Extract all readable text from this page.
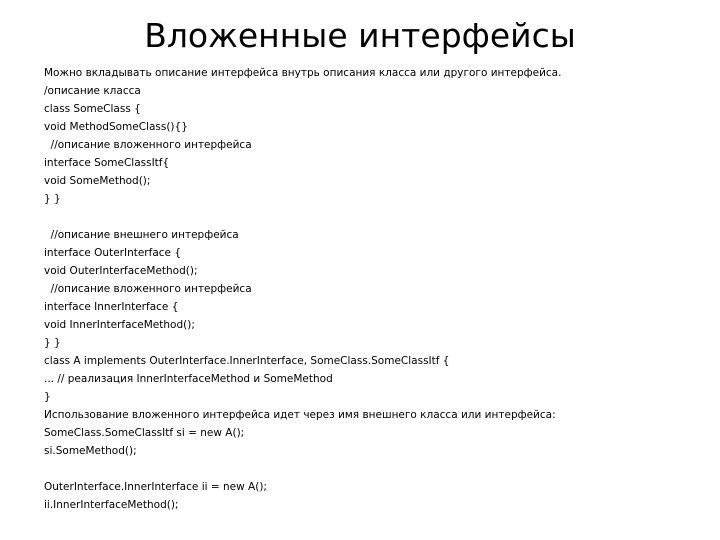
Вложенные интерфейсы
Можно вкладывать описание интерфейса внутрь описания класса или другого интерфейса.
/описание класса
class SomeClass {
void MethodSomeClass(){}
//описание вложенного интерфейса
interface SomeClassItf{
void SomeMethod();
} }
//описание внешнего интерфейса
interface OuterInterface {
void OuterInterfaceMethod();
//описание вложенного интерфейса
interface InnerInterface {
void InnerInterfaceMethod();
} }
class A implements OuterInterface.InnerInterface, SomeClass.SomeClassItf {
... // реализация InnerInterfaceMethod и SomeMethod
}
Использование вложенного интерфейса идет через имя внешнего класса или интерфейса:
SomeClass.SomeClassItf si = new A();
si.SomeMethod();
OuterInterface.InnerInterface ii = new A();
ii.InnerInterfaceMethod();
